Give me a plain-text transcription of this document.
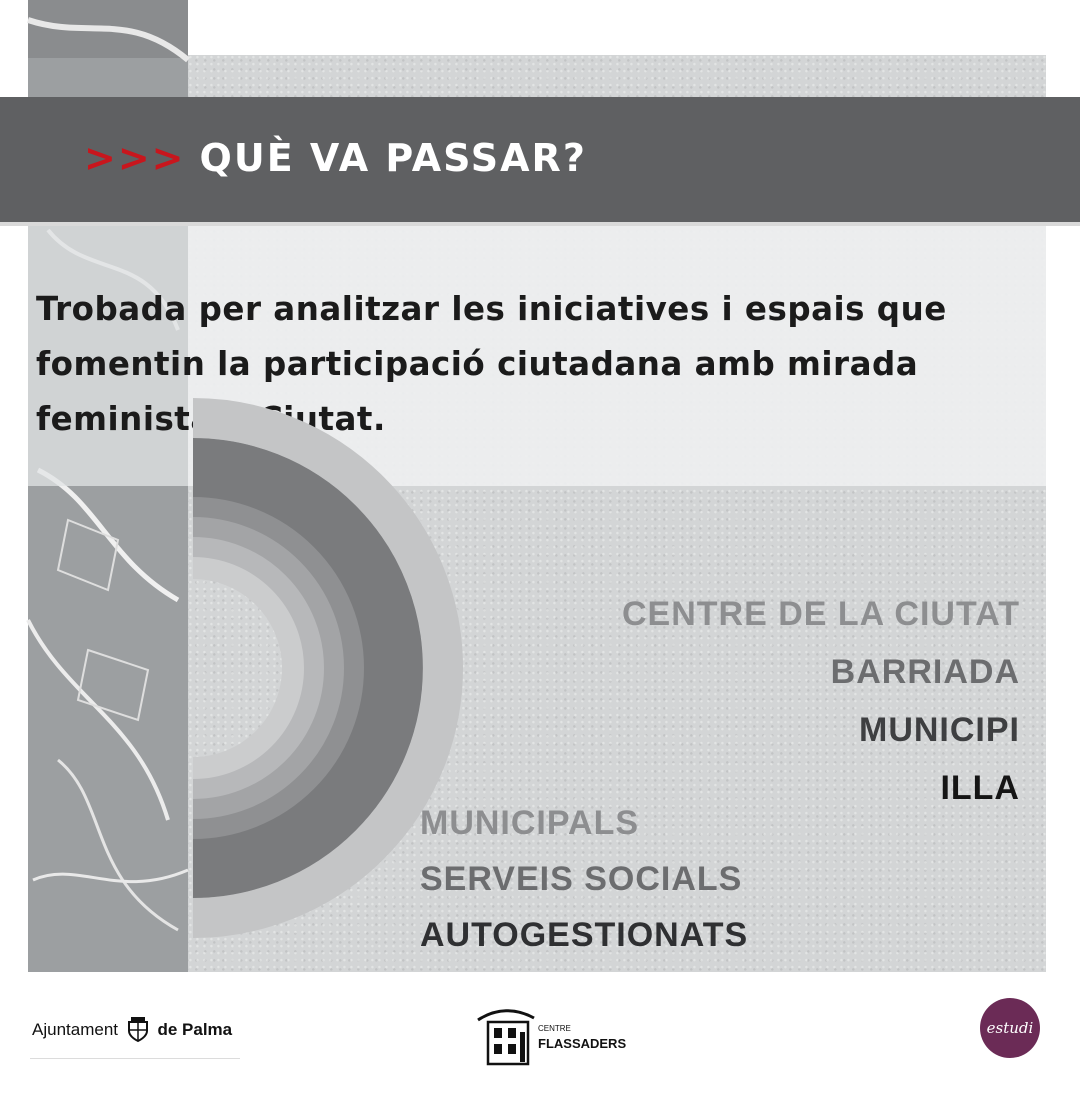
>>> QUÈ VA PASSAR?
Trobada per analitzar les iniciatives i espais que fomentin la participació ciutadana amb mirada feminista a Ciutat.
CENTRE DE LA CIUTAT
BARRIADA
MUNICIPI
ILLA
MUNICIPALS
SERVEIS SOCIALS
AUTOGESTIONATS
Ajuntament de Palma	CENTRE
FLASSADERS
estudi 6
